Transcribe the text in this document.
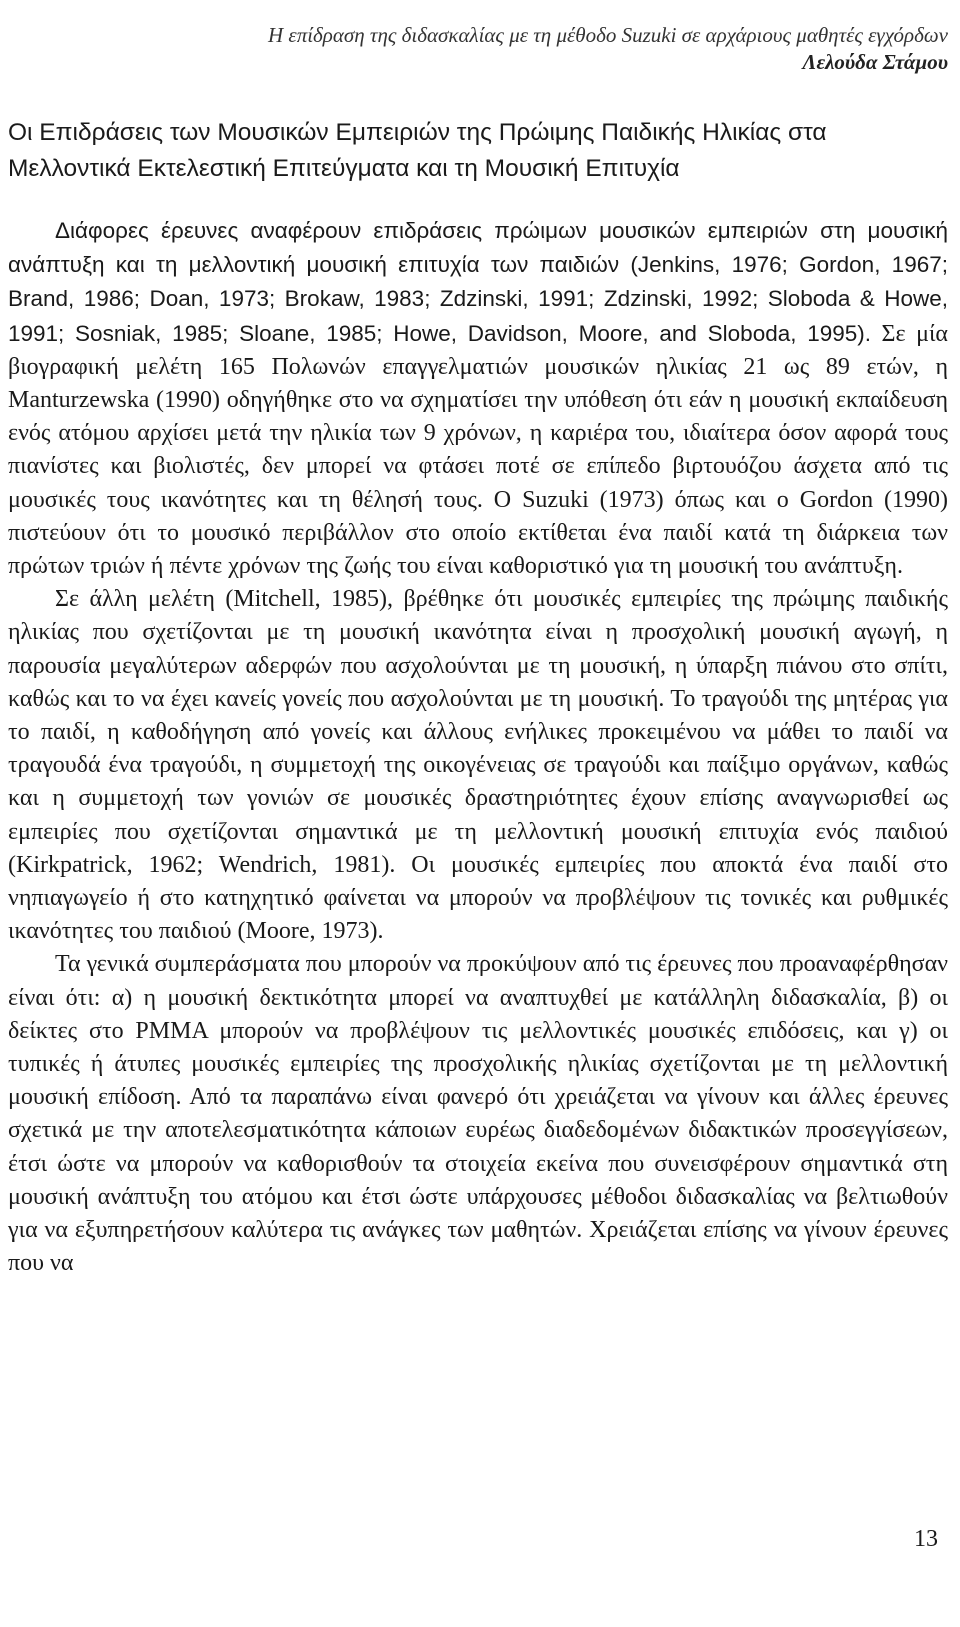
Η επίδραση της διδασκαλίας με τη μέθοδο Suzuki σε αρχάριους μαθητές εγχόρδων
Λελούδα Στάμου
Οι Επιδράσεις των Μουσικών Εμπειριών της Πρώιμης Παιδικής Ηλικίας στα Μελλοντικά Εκτελεστική Επιτεύγματα και τη Μουσική Επιτυχία

Διάφορες έρευνες αναφέρουν επιδράσεις πρώιμων μουσικών εμπειριών στη μουσική ανάπτυξη και τη μελλοντική μουσική επιτυχία των παιδιών (Jenkins, 1976; Gordon, 1967; Brand, 1986; Doan, 1973; Brokaw, 1983; Zdzinski, 1991; Zdzinski, 1992; Sloboda & Howe, 1991; Sosniak, 1985; Sloane, 1985; Howe, Davidson, Moore, and Sloboda, 1995). Σε μία βιογραφική μελέτη 165 Πολωνών επαγγελματιών μουσικών ηλικίας 21 ως 89 ετών, η Manturzewska (1990) οδηγήθηκε στο να σχηματίσει την υπόθεση ότι εάν η μουσική εκπαίδευση ενός ατόμου αρχίσει μετά την ηλικία των 9 χρόνων, η καριέρα του, ιδιαίτερα όσον αφορά τους πιανίστες και βιολιστές, δεν μπορεί να φτάσει ποτέ σε επίπεδο βιρτουόζου άσχετα από τις μουσικές τους ικανότητες και τη θέλησή τους. Ο Suzuki (1973) όπως και ο Gordon (1990) πιστεύουν ότι το μουσικό περιβάλλον στο οποίο εκτίθεται ένα παιδί κατά τη διάρκεια των πρώτων τριών ή πέντε χρόνων της ζωής του είναι καθοριστικό για τη μουσική του ανάπτυξη.

Σε άλλη μελέτη (Mitchell, 1985), βρέθηκε ότι μουσικές εμπειρίες της πρώιμης παιδικής ηλικίας που σχετίζονται με τη μουσική ικανότητα είναι η προσχολική μουσική αγωγή, η παρουσία μεγαλύτερων αδερφών που ασχολούνται με τη μουσική, η ύπαρξη πιάνου στο σπίτι, καθώς και το να έχει κανείς γονείς που ασχολούνται με τη μουσική. Το τραγούδι της μητέρας για το παιδί, η καθοδήγηση από γονείς και άλλους ενήλικες προκειμένου να μάθει το παιδί να τραγουδά ένα τραγούδι, η συμμετοχή της οικογένειας σε τραγούδι και παίξιμο οργάνων, καθώς και η συμμετοχή των γονιών σε μουσικές δραστηριότητες έχουν επίσης αναγνωρισθεί ως εμπειρίες που σχετίζονται σημαντικά με τη μελλοντική μουσική επιτυχία ενός παιδιού (Kirkpatrick, 1962; Wendrich, 1981). Οι μουσικές εμπειρίες που αποκτά ένα παιδί στο νηπιαγωγείο ή στο κατηχητικό φαίνεται να μπορούν να προβλέψουν τις τονικές και ρυθμικές ικανότητες του παιδιού (Moore, 1973).

Τα γενικά συμπεράσματα που μπορούν να προκύψουν από τις έρευνες που προαναφέρθησαν είναι ότι: α) η μουσική δεκτικότητα μπορεί να αναπτυχθεί με κατάλληλη διδασκαλία, β) οι δείκτες στο PMMA μπορούν να προβλέψουν τις μελλοντικές μουσικές επιδόσεις, και γ) οι τυπικές ή άτυπες μουσικές εμπειρίες της προσχολικής ηλικίας σχετίζονται με τη μελλοντική μουσική επίδοση. Από τα παραπάνω είναι φανερό ότι χρειάζεται να γίνουν και άλλες έρευνες σχετικά με την αποτελεσματικότητα κάποιων ευρέως διαδεδομένων διδακτικών προσεγγίσεων, έτσι ώστε να μπορούν να καθορισθούν τα στοιχεία εκείνα που συνεισφέρουν σημαντικά στη μουσική ανάπτυξη του ατόμου και έτσι ώστε υπάρχουσες μέθοδοι διδασκαλίας να βελτιωθούν για να εξυπηρετήσουν καλύτερα τις ανάγκες των μαθητών. Χρειάζεται επίσης να γίνουν έρευνες που να

13
